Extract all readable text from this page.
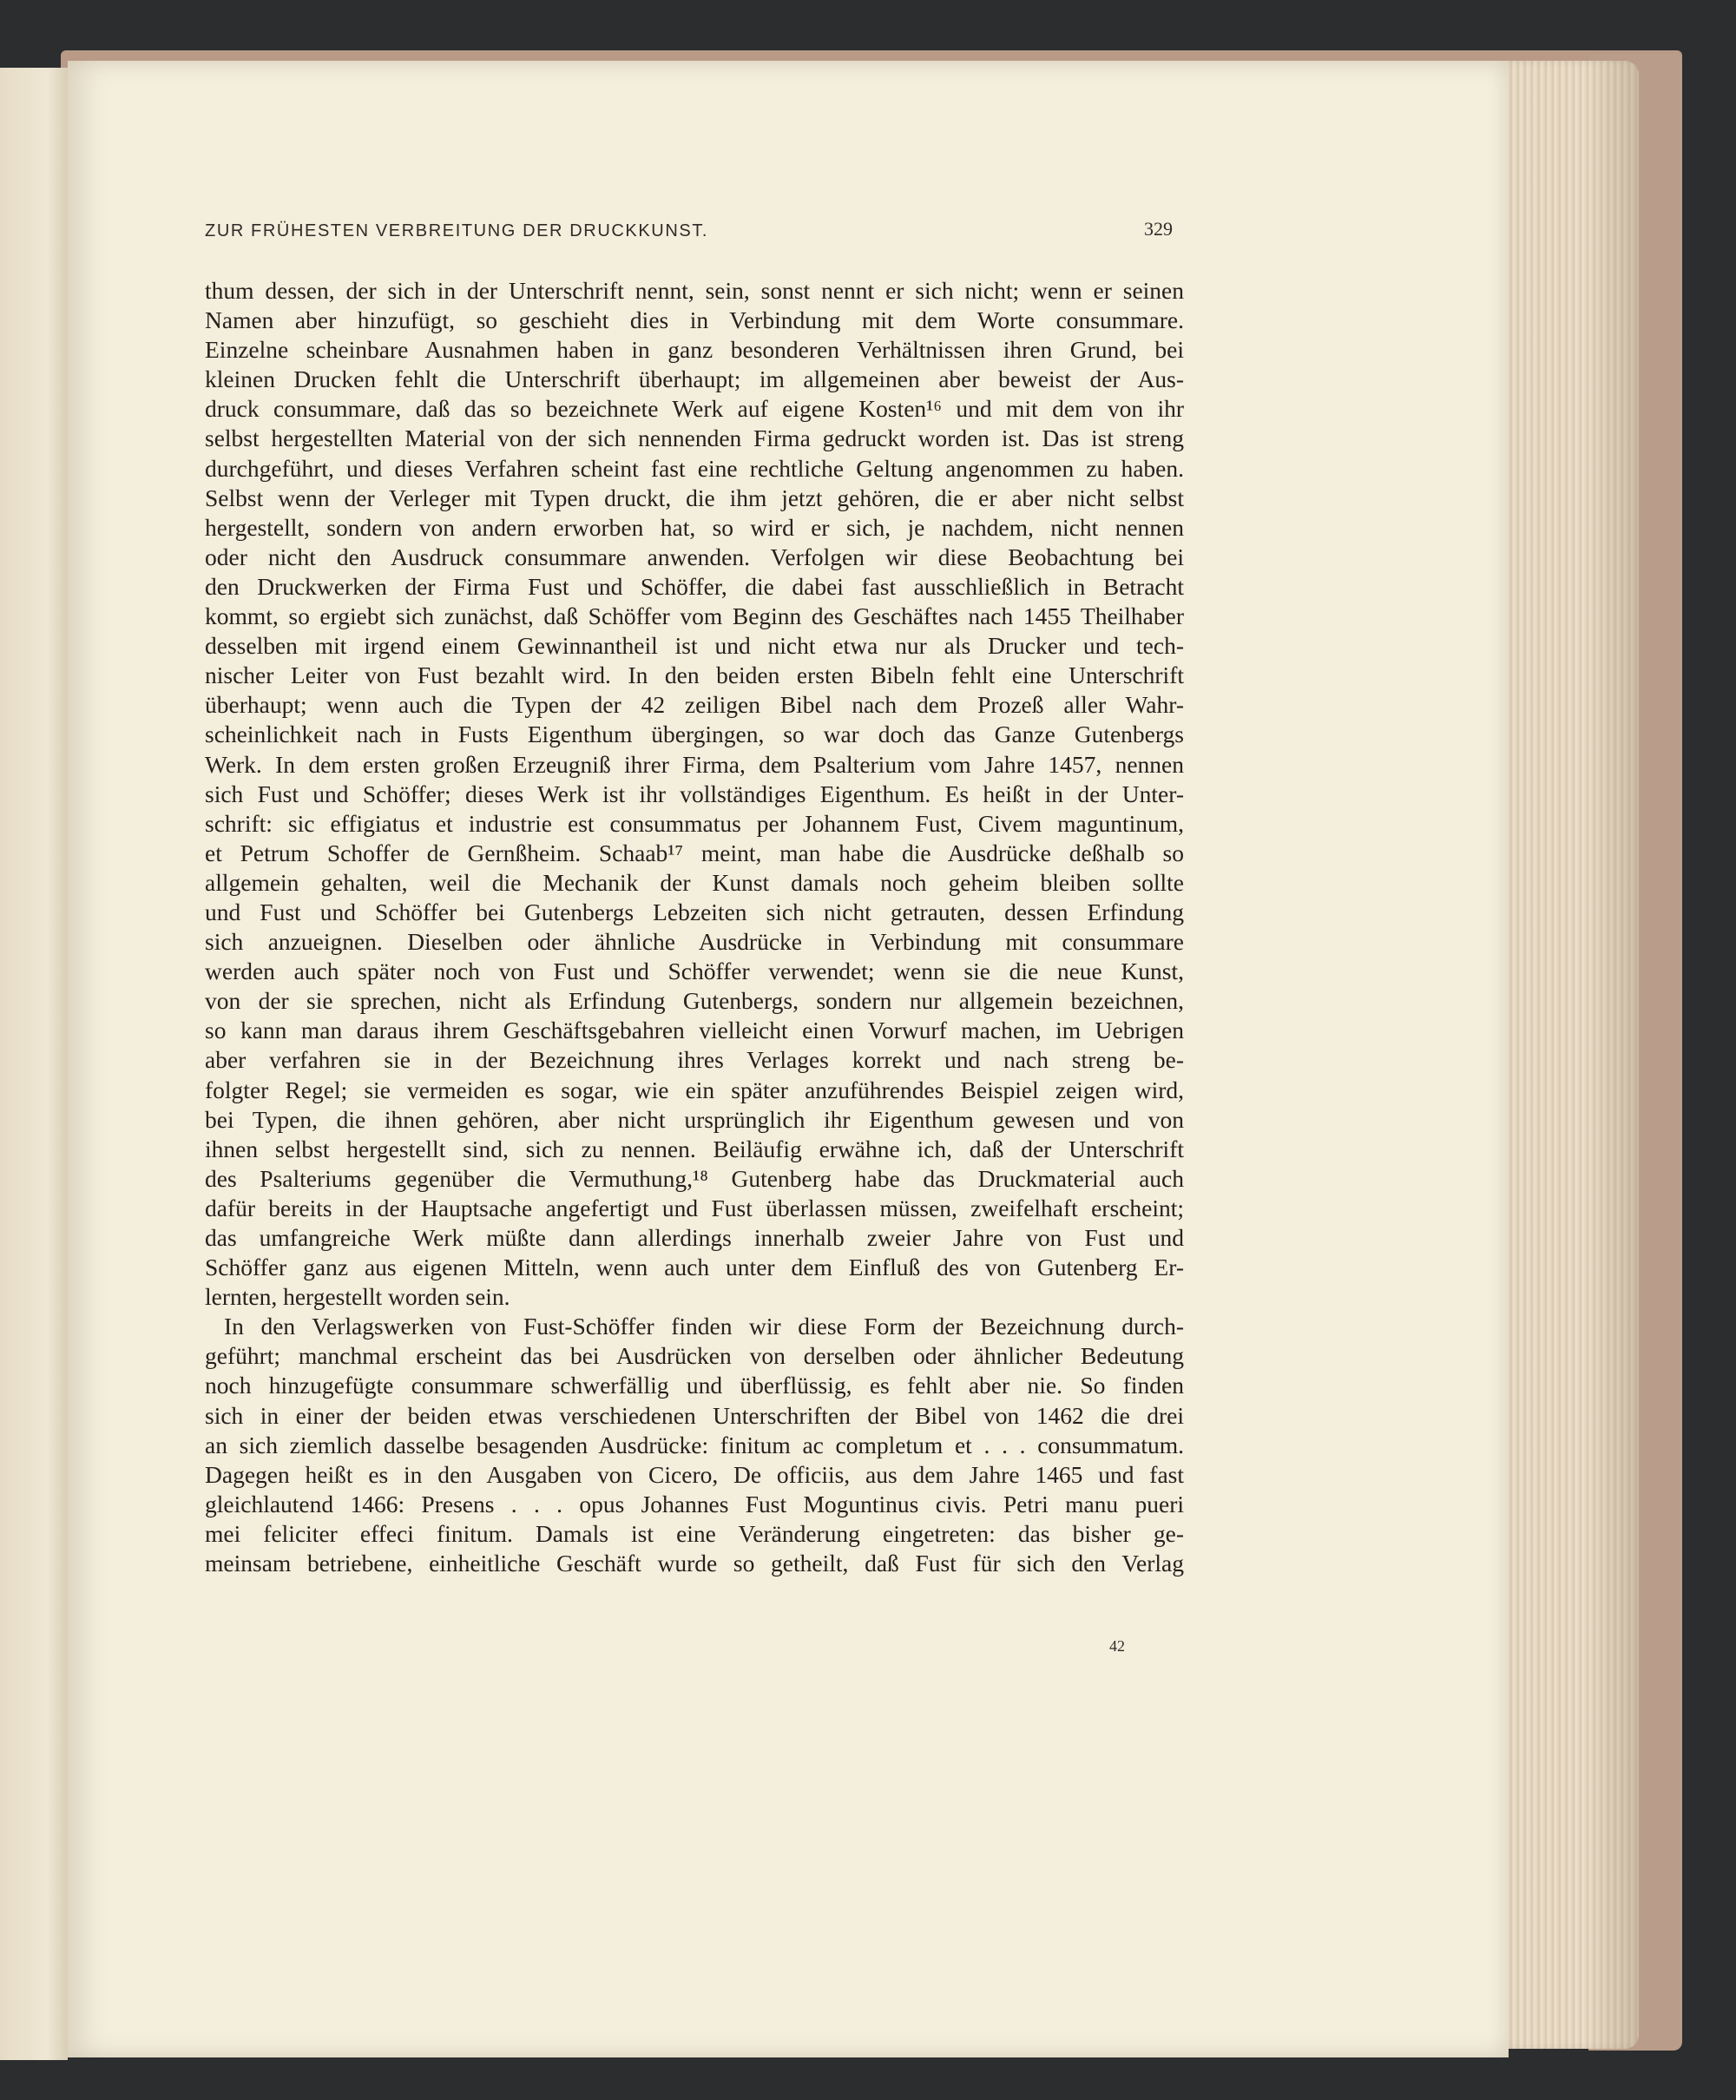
ZUR FRÜHESTEN VERBREITUNG DER DRUCKKUNST.	329
thum dessen, der sich in der Unterschrift nennt, sein, sonst nennt er sich nicht; wenn er seinen
Namen aber hinzufügt, so geschieht dies in Verbindung mit dem Worte consummare.
Einzelne scheinbare Ausnahmen haben in ganz besonderen Verhältnissen ihren Grund, bei
kleinen Drucken fehlt die Unterschrift überhaupt; im allgemeinen aber beweist der Aus-
druck consummare, daß das so bezeichnete Werk auf eigene Kosten¹⁶ und mit dem von ihr
selbst hergestellten Material von der sich nennenden Firma gedruckt worden ist. Das ist streng
durchgeführt, und dieses Verfahren scheint fast eine rechtliche Geltung angenommen zu haben.
Selbst wenn der Verleger mit Typen druckt, die ihm jetzt gehören, die er aber nicht selbst
hergestellt, sondern von andern erworben hat, so wird er sich, je nachdem, nicht nennen
oder nicht den Ausdruck consummare anwenden. Verfolgen wir diese Beobachtung bei
den Druckwerken der Firma Fust und Schöffer, die dabei fast ausschließlich in Betracht
kommt, so ergiebt sich zunächst, daß Schöffer vom Beginn des Geschäftes nach 1455 Theilhaber
desselben mit irgend einem Gewinnantheil ist und nicht etwa nur als Drucker und tech-
nischer Leiter von Fust bezahlt wird. In den beiden ersten Bibeln fehlt eine Unterschrift
überhaupt; wenn auch die Typen der 42 zeiligen Bibel nach dem Prozeß aller Wahr-
scheinlichkeit nach in Fusts Eigenthum übergingen, so war doch das Ganze Gutenbergs
Werk. In dem ersten großen Erzeugniß ihrer Firma, dem Psalterium vom Jahre 1457, nennen
sich Fust und Schöffer; dieses Werk ist ihr vollständiges Eigenthum. Es heißt in der Unter-
schrift: sic effigiatus et industrie est consummatus per Johannem Fust, Civem maguntinum,
et Petrum Schoffer de Gernßheim. Schaab¹⁷ meint, man habe die Ausdrücke deßhalb so
allgemein gehalten, weil die Mechanik der Kunst damals noch geheim bleiben sollte
und Fust und Schöffer bei Gutenbergs Lebzeiten sich nicht getrauten, dessen Erfindung
sich anzueignen. Dieselben oder ähnliche Ausdrücke in Verbindung mit consummare
werden auch später noch von Fust und Schöffer verwendet; wenn sie die neue Kunst,
von der sie sprechen, nicht als Erfindung Gutenbergs, sondern nur allgemein bezeichnen,
so kann man daraus ihrem Geschäftsgebahren vielleicht einen Vorwurf machen, im Uebrigen
aber verfahren sie in der Bezeichnung ihres Verlages korrekt und nach streng be-
folgter Regel; sie vermeiden es sogar, wie ein später anzuführendes Beispiel zeigen wird,
bei Typen, die ihnen gehören, aber nicht ursprünglich ihr Eigenthum gewesen und von
ihnen selbst hergestellt sind, sich zu nennen. Beiläufig erwähne ich, daß der Unterschrift
des Psalteriums gegenüber die Vermuthung,¹⁸ Gutenberg habe das Druckmaterial auch
dafür bereits in der Hauptsache angefertigt und Fust überlassen müssen, zweifelhaft erscheint;
das umfangreiche Werk müßte dann allerdings innerhalb zweier Jahre von Fust und
Schöffer ganz aus eigenen Mitteln, wenn auch unter dem Einfluß des von Gutenberg Er-
lernten, hergestellt worden sein.
In den Verlagswerken von Fust-Schöffer finden wir diese Form der Bezeichnung durch-
geführt; manchmal erscheint das bei Ausdrücken von derselben oder ähnlicher Bedeutung
noch hinzugefügte consummare schwerfällig und überflüssig, es fehlt aber nie. So finden
sich in einer der beiden etwas verschiedenen Unterschriften der Bibel von 1462 die drei
an sich ziemlich dasselbe besagenden Ausdrücke: finitum ac completum et . . . consummatum.
Dagegen heißt es in den Ausgaben von Cicero, De officiis, aus dem Jahre 1465 und fast
gleichlautend 1466: Presens . . . opus Johannes Fust Moguntinus civis. Petri manu pueri
mei feliciter effeci finitum. Damals ist eine Veränderung eingetreten: das bisher ge-
meinsam betriebene, einheitliche Geschäft wurde so getheilt, daß Fust für sich den Verlag
42
